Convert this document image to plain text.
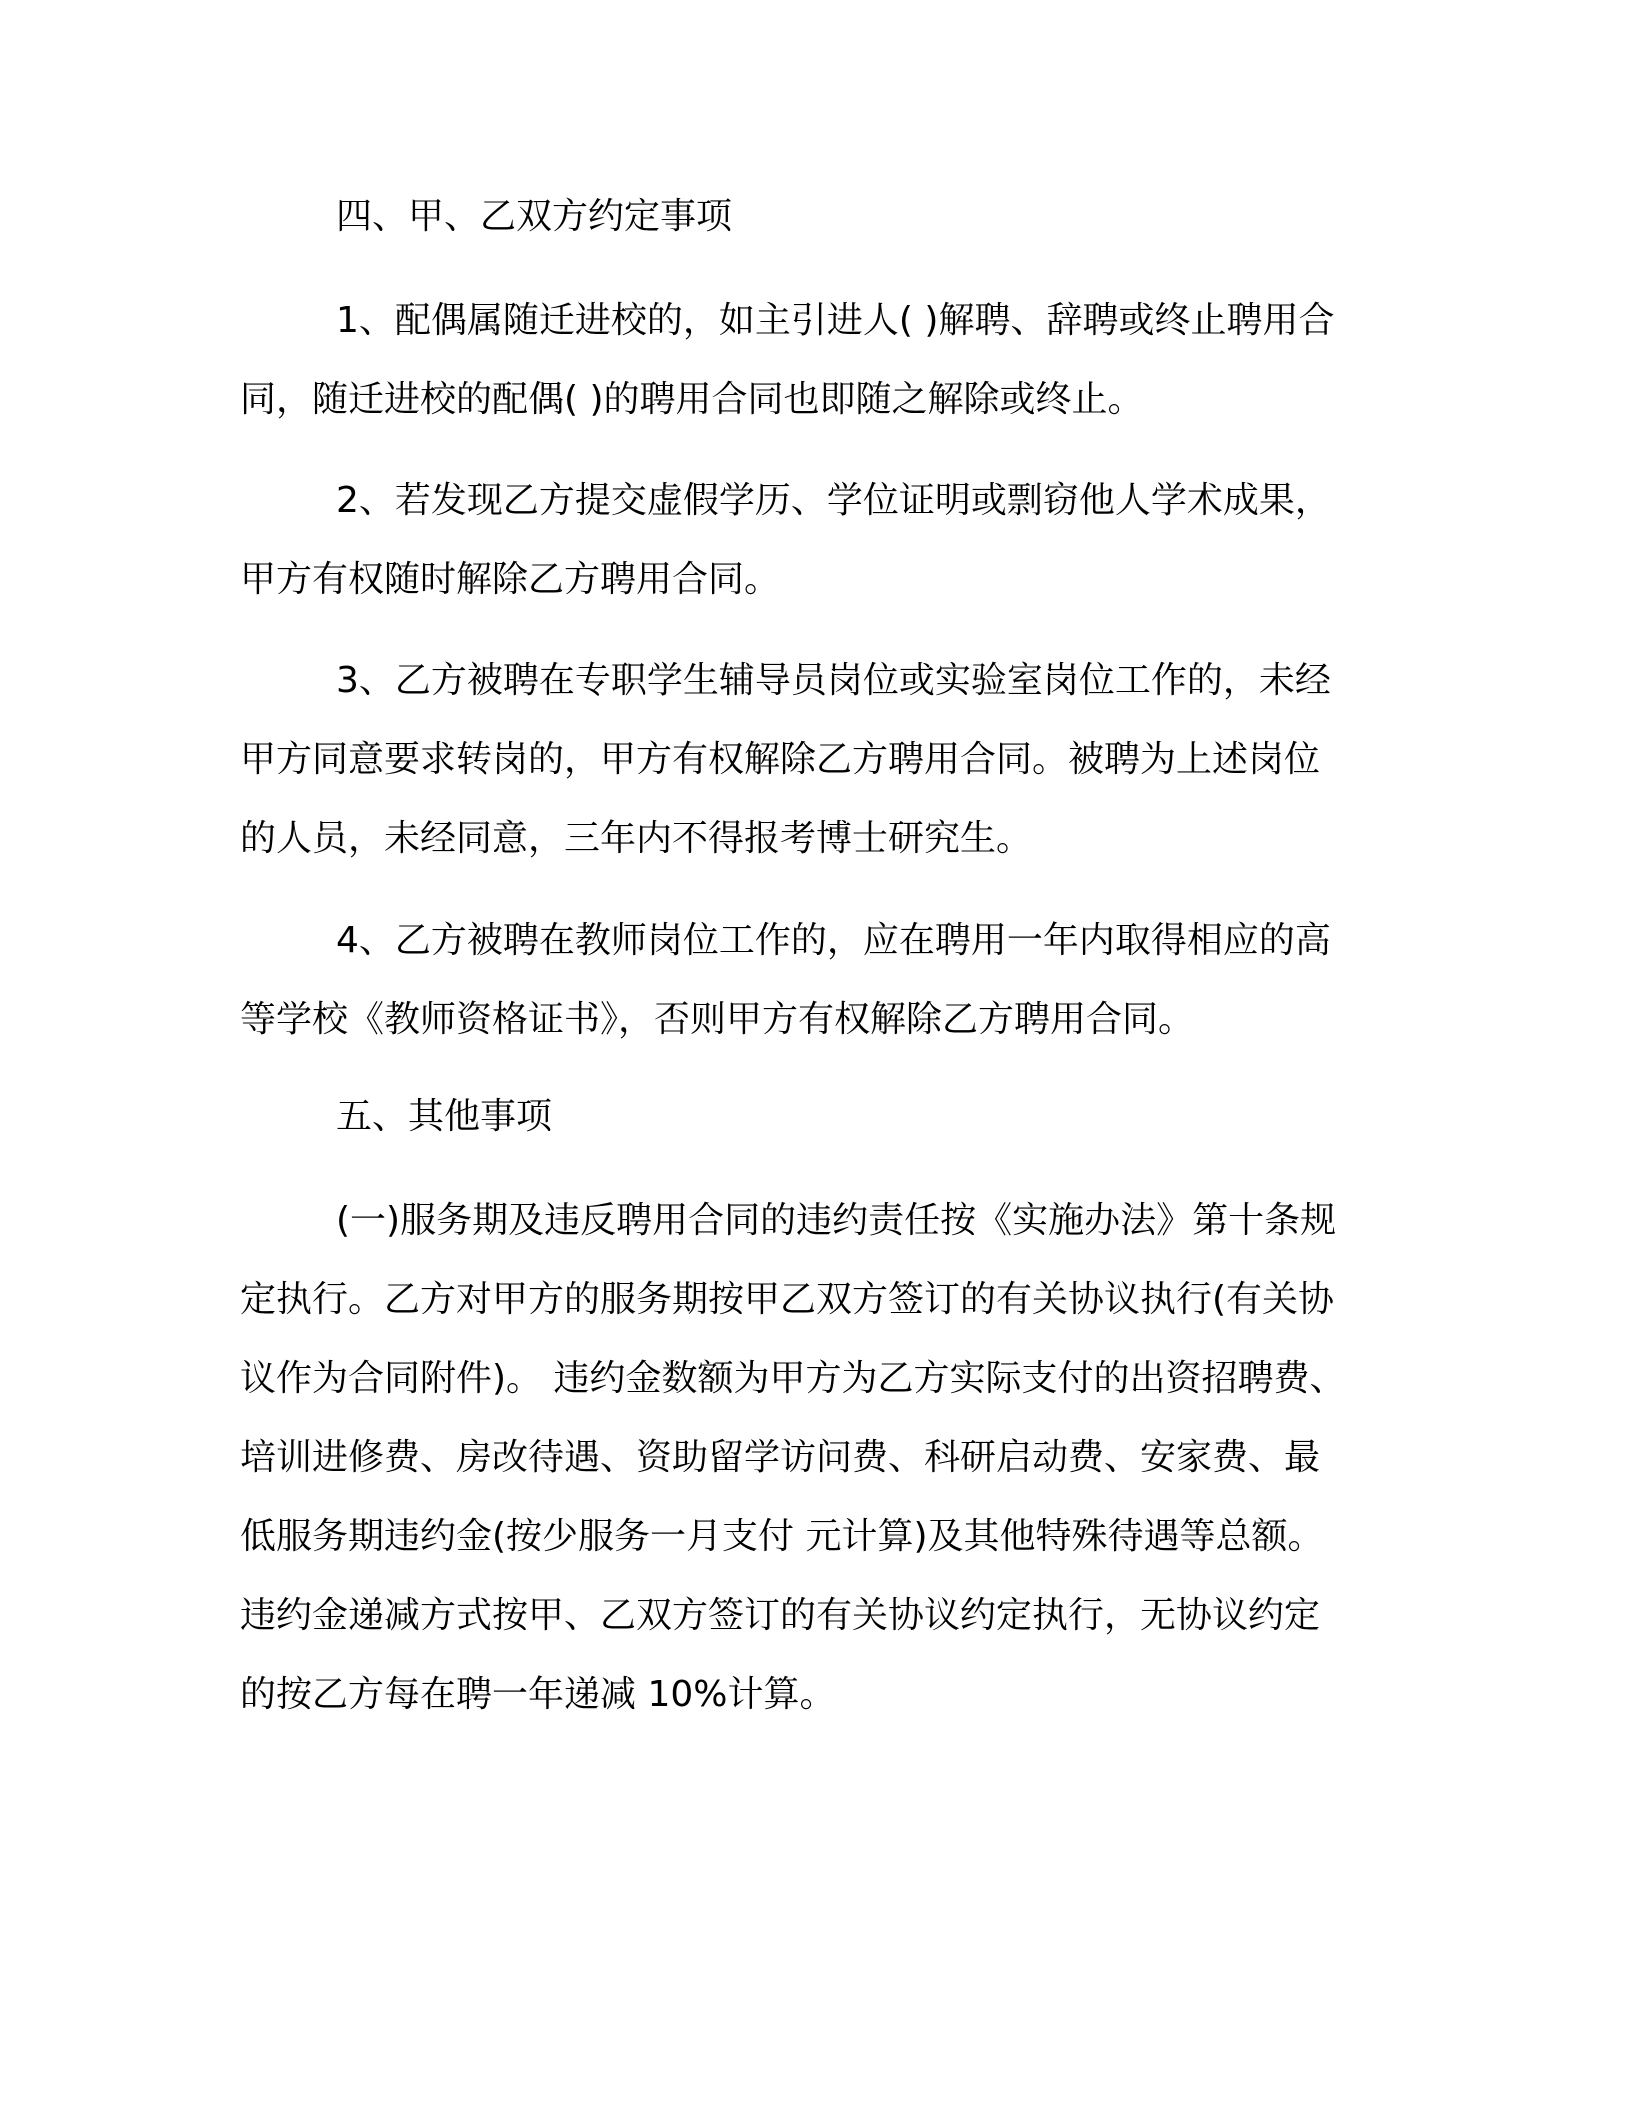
四、甲、乙双方约定事项
1、配偶属随迁进校的，如主引进人( )解聘、辞聘或终止聘用合
同，随迁进校的配偶( )的聘用合同也即随之解除或终止。
2、若发现乙方提交虚假学历、学位证明或剽窃他人学术成果，
甲方有权随时解除乙方聘用合同。
3、乙方被聘在专职学生辅导员岗位或实验室岗位工作的，未经
甲方同意要求转岗的，甲方有权解除乙方聘用合同。被聘为上述岗位
的人员，未经同意，三年内不得报考博士研究生。
4、乙方被聘在教师岗位工作的，应在聘用一年内取得相应的高
等学校《教师资格证书》，否则甲方有权解除乙方聘用合同。
五、其他事项
(一)服务期及违反聘用合同的违约责任按《实施办法》第十条规
定执行。乙方对甲方的服务期按甲乙双方签订的有关协议执行(有关协
议作为合同附件)。 违约金数额为甲方为乙方实际支付的出资招聘费、
培训进修费、房改待遇、资助留学访问费、科研启动费、安家费、最
低服务期违约金(按少服务一月支付 元计算)及其他特殊待遇等总额。
违约金递减方式按甲、乙双方签订的有关协议约定执行，无协议约定
的按乙方每在聘一年递减 10%计算。
